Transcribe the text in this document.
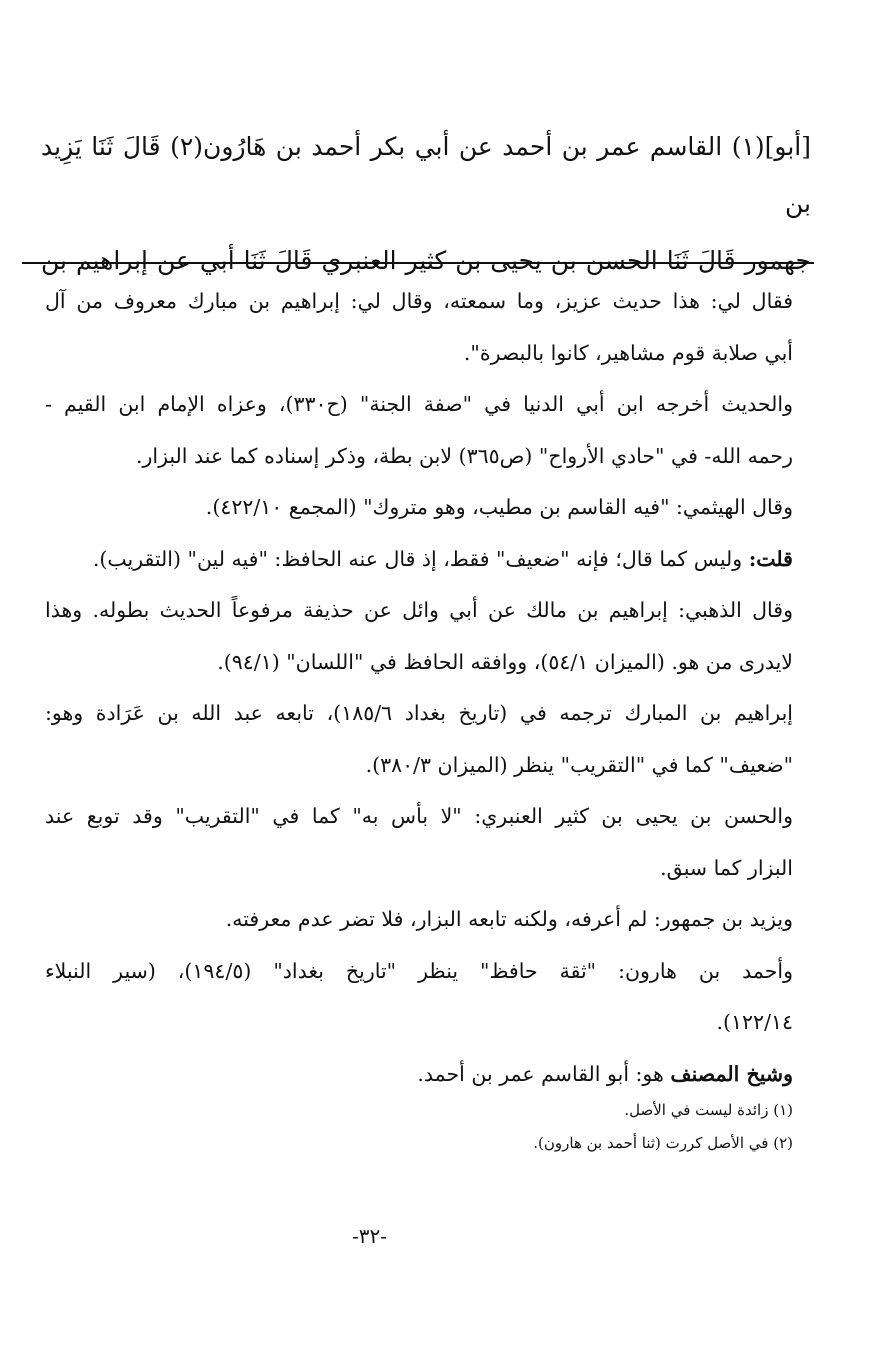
[أبو](١) القاسم عمر بن أحمد عن أبي بكر أحمد بن هَارُون(٢) قَالَ ثَنَا يَزِيد بن

جهمور قَالَ ثَنَا الحسن بن يحيى بن كثير العنبري قَالَ ثَنَا أبي عن إبراهيم بن

فقال لي: هذا حديث عزيز، وما سمعته، وقال لي: إبراهيم بن مبارك معروف من آل

أبي صلابة قوم مشاهير، كانوا بالبصرة".

والحديث أخرجه ابن أبي الدنيا في "صفة الجنة" (ح٣٣٠)، وعزاه الإمام ابن القيم -

رحمه الله- في "حادي الأرواح" (ص٣٦٥) لابن بطة، وذكر إسناده كما عند البزار.

وقال الهيثمي: "فيه القاسم بن مطيب، وهو متروك" (المجمع ٤٢٢/١٠).

قلت: وليس كما قال؛ فإنه "ضعيف" فقط، إذ قال عنه الحافظ: "فيه لين" (التقريب).

وقال الذهبي: إبراهيم بن مالك عن أبي وائل عن حذيفة مرفوعاً الحديث بطوله. وهذا

لايدرى من هو. (الميزان ٥٤/١)، ووافقه الحافظ في "اللسان" (٩٤/١).

إبراهيم بن المبارك ترجمه في (تاريخ بغداد ١٨٥/٦)، تابعه عبد الله بن عَرَادة وهو:

"ضعيف" كما في "التقريب" ينظر (الميزان ٣٨٠/٣).

والحسن بن يحيى بن كثير العنبري: "لا بأس به" كما في "التقريب" وقد توبع عند

البزار كما سبق.

ويزيد بن جمهور: لم أعرفه، ولكنه تابعه البزار، فلا تضر عدم معرفته.

وأحمد بن هارون: "ثقة حافظ" ينظر "تاريخ بغداد" (١٩٤/٥)، (سير النبلاء

١٢٢/١٤).

وشيخ المصنف هو: أبو القاسم عمر بن أحمد.

(١) زائدة ليست في الأصل.

(٢) في الأصل كررت (ثنا أحمد بن هارون).

-٣٢-
